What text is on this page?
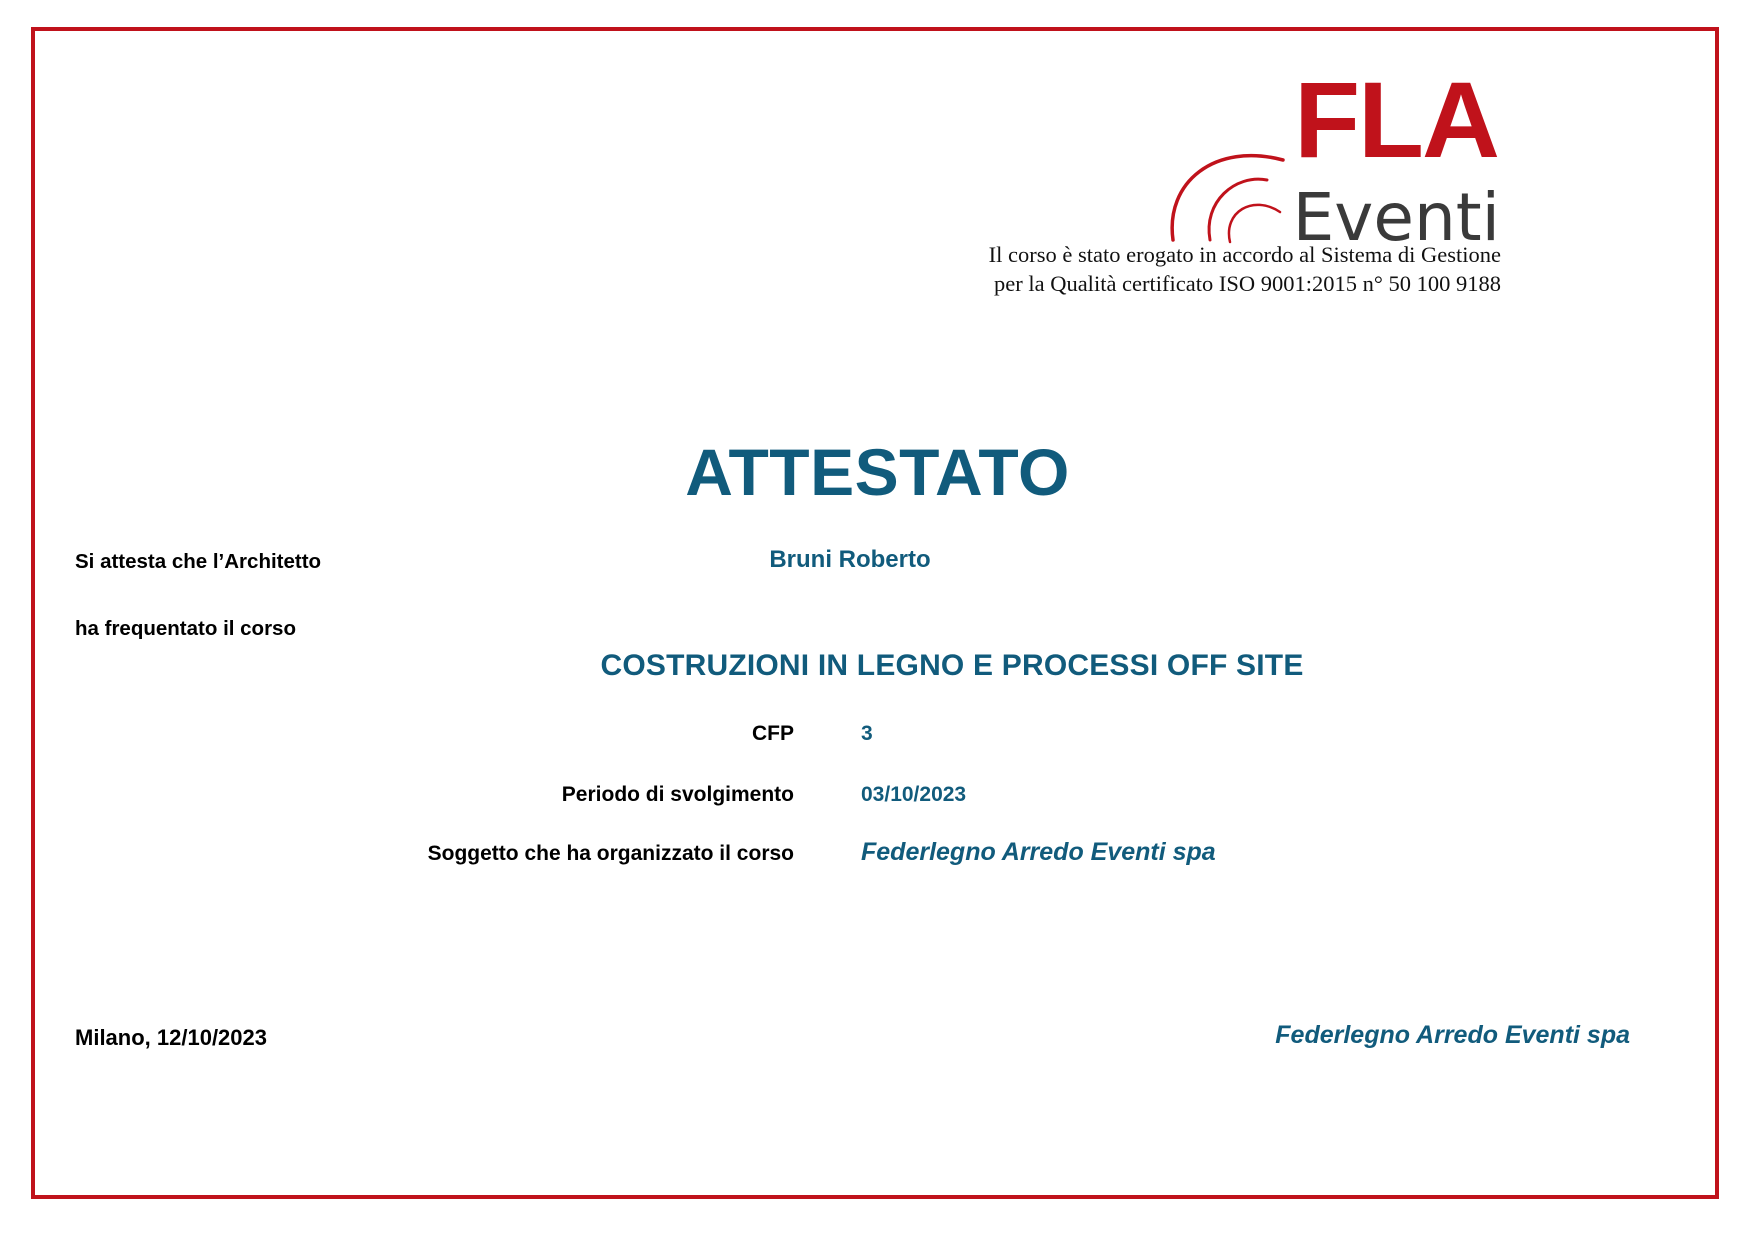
FLA
Eventi
Il corso è stato erogato in accordo al Sistema di Gestione
per la Qualità certificato ISO 9001:2015 n° 50 100 9188
ATTESTATO
Si attesta che l’Architetto	Bruni Roberto
ha frequentato il corso
COSTRUZIONI IN LEGNO E PROCESSI OFF SITE
CFP	3
Periodo di svolgimento	03/10/2023
Soggetto che ha organizzato il corso	Federlegno Arredo Eventi spa
Milano, 12/10/2023	Federlegno Arredo Eventi spa
